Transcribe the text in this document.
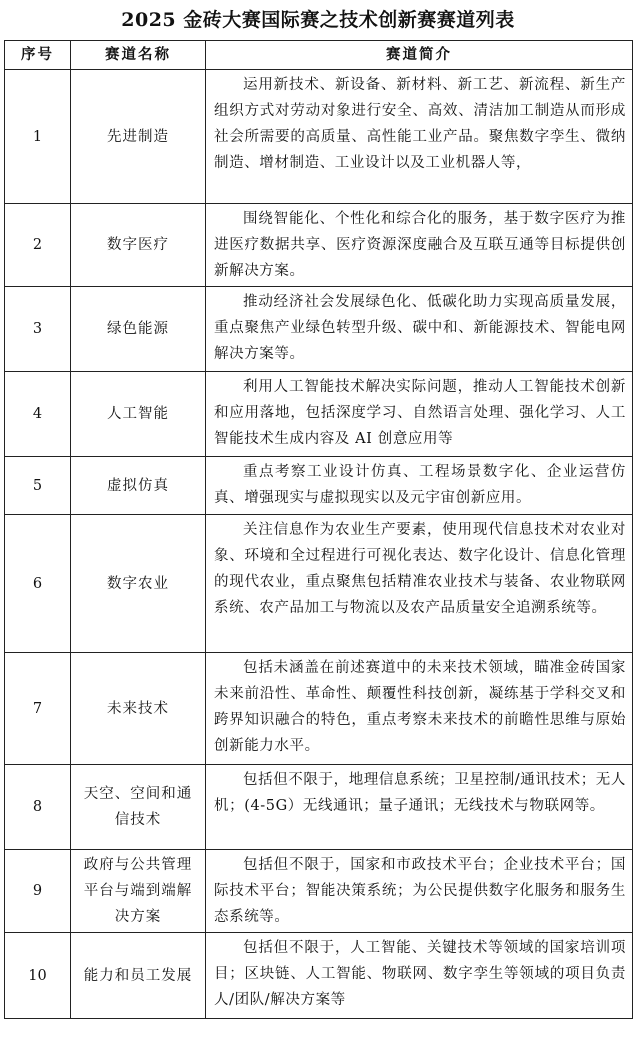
2025 金砖大赛国际赛之技术创新赛赛道列表
序号	赛道名称	赛道简介
1	先进制造	运用新技术、新设备、新材料、新工艺、新流程、新生产组织方式对劳动对象进行安全、高效、清洁加工制造从而形成社会所需要的高质量、高性能工业产品。聚焦数字孪生、微纳制造、增材制造、工业设计以及工业机器人等，
2	数字医疗	围绕智能化、个性化和综合化的服务，基于数字医疗为推进医疗数据共享、医疗资源深度融合及互联互通等目标提供创新解决方案。
3	绿色能源	推动经济社会发展绿色化、低碳化助力实现高质量发展，重点聚焦产业绿色转型升级、碳中和、新能源技术、智能电网解决方案等。
4	人工智能	利用人工智能技术解决实际问题，推动人工智能技术创新和应用落地，包括深度学习、自然语言处理、强化学习、人工智能技术生成内容及 AI 创意应用等
5	虚拟仿真	重点考察工业设计仿真、工程场景数字化、企业运营仿真、增强现实与虚拟现实以及元宇宙创新应用。
6	数字农业	关注信息作为农业生产要素，使用现代信息技术对农业对象、环境和全过程进行可视化表达、数字化设计、信息化管理的现代农业，重点聚焦包括精准农业技术与装备、农业物联网系统、农产品加工与物流以及农产品质量安全追溯系统等。
7	未来技术	包括未涵盖在前述赛道中的未来技术领域，瞄准金砖国家未来前沿性、革命性、颠覆性科技创新，凝练基于学科交叉和跨界知识融合的特色，重点考察未来技术的前瞻性思维与原始创新能力水平。
8	天空、空间和通信技术	包括但不限于，地理信息系统；卫星控制/通讯技术；无人机；(4-5G）无线通讯；量子通讯；无线技术与物联网等。
9	政府与公共管理平台与端到端解决方案	包括但不限于，国家和市政技术平台；企业技术平台；国际技术平台；智能决策系统；为公民提供数字化服务和服务生态系统等。
10	能力和员工发展	包括但不限于，人工智能、关键技术等领域的国家培训项目；区块链、人工智能、物联网、数字孪生等领域的项目负责人/团队/解决方案等
